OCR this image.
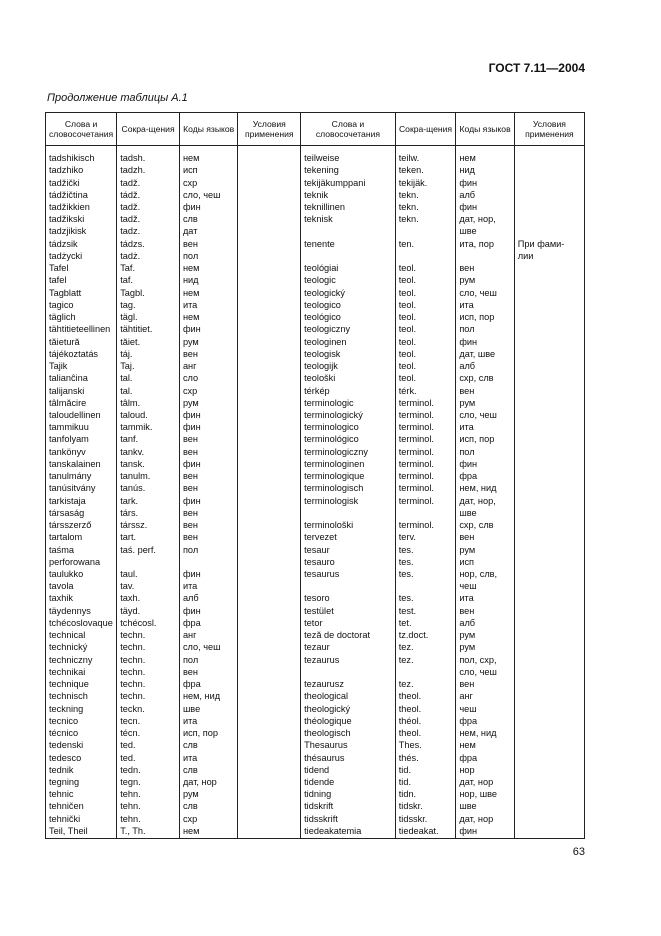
ГОСТ 7.11—2004
Продолжение таблицы А.1
Слова и словосочетания	Сокра-щения	Коды языков	Условия применения	Слова и словосочетания	Сокра-щения	Коды языков	Условия применения

tadshikisch	tadsh.	нем		teilweise	teilw.	нем	
tadzhiko	tadzh.	исп		tekening	teken.	нид	
tadžički	tadž.	схр		tekijäkumppani	tekijäk.	фин	
tádžičtina	tádž.	сло, чеш		teknik	tekn.	алб	
tadžikkien	tadž.	фин		teknillinen	tekn.	фин	
tadžikski	tadž.	слв		teknisk	tekn.	дат, нор,	
tadzjikisk	tadz.	дат				шве	
tádzsik	tádzs.	вен		tenente	ten.	ита, пор	При фами-
tadżycki	tadż.	пол					лии
Tafel	Taf.	нем		teológiai	teol.	вен	
tafel	taf.	нид		teologic	teol.	рум	
Tagblatt	Tagbl.	нем		teologický	teol.	сло, чеш	
tagico	tag.	ита		teologico	teol.	ита	
täglich	tägl.	нем		teológico	teol.	исп, пор	
tähtitieteellinen	tähtitiet.	фин		teologiczny	teol.	пол	
tăietură	tăiet.	рум		teologinen	teol.	фин	
tájékoztatás	táj.	вен		teologisk	teol.	дат, шве	
Tajik	Taj.	анг		teologijk	teol.	алб	
talianĉina	tal.	сло		teološki	teol.	схр, слв	
talijanski	tal.	схр		térkép	térk.	вен	
tâlmăcire	tâlm.	рум		terminologic	terminol.	рум	
taloudellinen	taloud.	фин		terminologický	terminol.	сло, чеш	
tammikuu	tammik.	фин		terminologico	terminol.	ита	
tanfolyam	tanf.	вен		terminológico	terminol.	исп, пор	
tankönyv	tankv.	вен		terminologiczny	terminol.	пол	
tanskalainen	tansk.	фин		terminologinen	terminol.	фин	
tanulmány	tanulm.	вен		terminologique	terminol.	фра	
tanúsitvány	tanús.	вен		terminologisch	terminol.	нем, нид	
tarkistaja	tark.	фин		terminologisk	terminol.	дат, нор,	
társaság	társ.	вен				шве	
társszerző	társsz.	вен		terminološki	terminol.	схр, слв	
tartalom	tart.	вен		tervezet	terv.	вен	
taśma	taś. perf.	пол		tesaur	tes.	рум	
perforowana				tesauro	tes.	исп	
taulukko	taul.	фин		tesaurus	tes.	нор, слв,	
tavola	tav.	ита				чеш	
taxhik	taxh.	алб		tesoro	tes.	ита	
täydennys	täyd.	фин		testület	test.	вен	
tchécoslovaque	tchécosl.	фра		tetor	tet.	алб	
technical	techn.	анг		teză de doctorat	tz.doct.	рум	
technický	techn.	сло, чеш		tezaur	tez.	рум	
techniczny	techn.	пол		tezaurus	tez.	пол, схр,	
technikai	techn.	вен				сло, чеш	
technique	techn.	фра		tezaurusz	tez.	вен	
technisch	techn.	нем, нид		theological	theol.	анг	
teckning	teckn.	шве		theologický	theol.	чеш	
tecnico	tecn.	ита		théologique	théol.	фра	
técnico	técn.	исп, пор		theologisch	theol.	нем, нид	
tedenski	ted.	слв		Thesaurus	Thes.	нем	
tedesco	ted.	ита		thésaurus	thés.	фра	
tednik	tedn.	слв		tidend	tid.	нор	
tegning	tegn.	дат, нор		tidende	tid.	дат, нор	
tehnic	tehn.	рум		tidning	tidn.	нор, шве	
tehničen	tehn.	слв		tidskrift	tidskr.	шве	
tehnički	tehn.	схр		tidsskrift	tidsskr.	дат, нор	
Teil, Theil	T., Th.	нем		tiedeakatemia	tiedeakat.	фин	
63
